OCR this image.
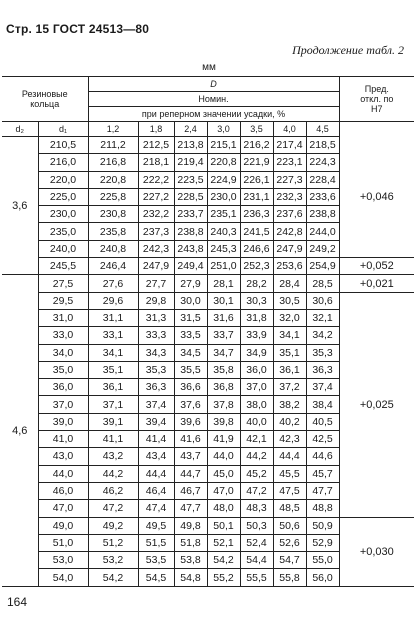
Стр. 15 ГОСТ 24513—80
Продолжение табл. 2
мм
Резиновые кольца		D							Пред. откл. по Н7
		Номин.							
		при реперном значении усадки, %							
d₂	d₁	1,2	1,8	2,4	3,0	3,5	4,0	4,5	
3,6	210,5	211,2	212,5	213,8	215,1	216,2	217,4	218,5	+0,046
	216,0	216,8	218,1	219,4	220,8	221,9	223,1	224,3	
	220,0	220,8	222,2	223,5	224,9	226,1	227,3	228,4	
	225,0	225,8	227,2	228,5	230,0	231,1	232,3	233,6	
	230,0	230,8	232,2	233,7	235,1	236,3	237,6	238,8	
	235,0	235,8	237,3	238,8	240,3	241,5	242,8	244,0	
	240,0	240,8	242,3	243,8	245,3	246,6	247,9	249,2	
	245,5	246,4	247,9	249,4	251,0	252,3	253,6	254,9	+0,052
4,6	27,5	27,6	27,7	27,9	28,1	28,2	28,4	28,5	+0,021
	29,5	29,6	29,8	30,0	30,1	30,3	30,5	30,6	+0,025
	31,0	31,1	31,3	31,5	31,6	31,8	32,0	32,1	
	33,0	33,1	33,3	33,5	33,7	33,9	34,1	34,2	
	34,0	34,1	34,3	34,5	34,7	34,9	35,1	35,3	
	35,0	35,1	35,3	35,5	35,8	36,0	36,1	36,3	
	36,0	36,1	36,3	36,6	36,8	37,0	37,2	37,4	
	37,0	37,1	37,4	37,6	37,8	38,0	38,2	38,4	
	39,0	39,1	39,4	39,6	39,8	40,0	40,2	40,5	
	41,0	41,1	41,4	41,6	41,9	42,1	42,3	42,5	
	43,0	43,2	43,4	43,7	44,0	44,2	44,4	44,6	
	44,0	44,2	44,4	44,7	45,0	45,2	45,5	45,7	
	46,0	46,2	46,4	46,7	47,0	47,2	47,5	47,7	
	47,0	47,2	47,4	47,7	48,0	48,3	48,5	48,8	
	49,0	49,2	49,5	49,8	50,1	50,3	50,6	50,9	+0,030
	51,0	51,2	51,5	51,8	52,1	52,4	52,6	52,9	
	53,0	53,2	53,5	53,8	54,2	54,4	54,7	55,0	
	54,0	54,2	54,5	54,8	55,2	55,5	55,8	56,0	
164
